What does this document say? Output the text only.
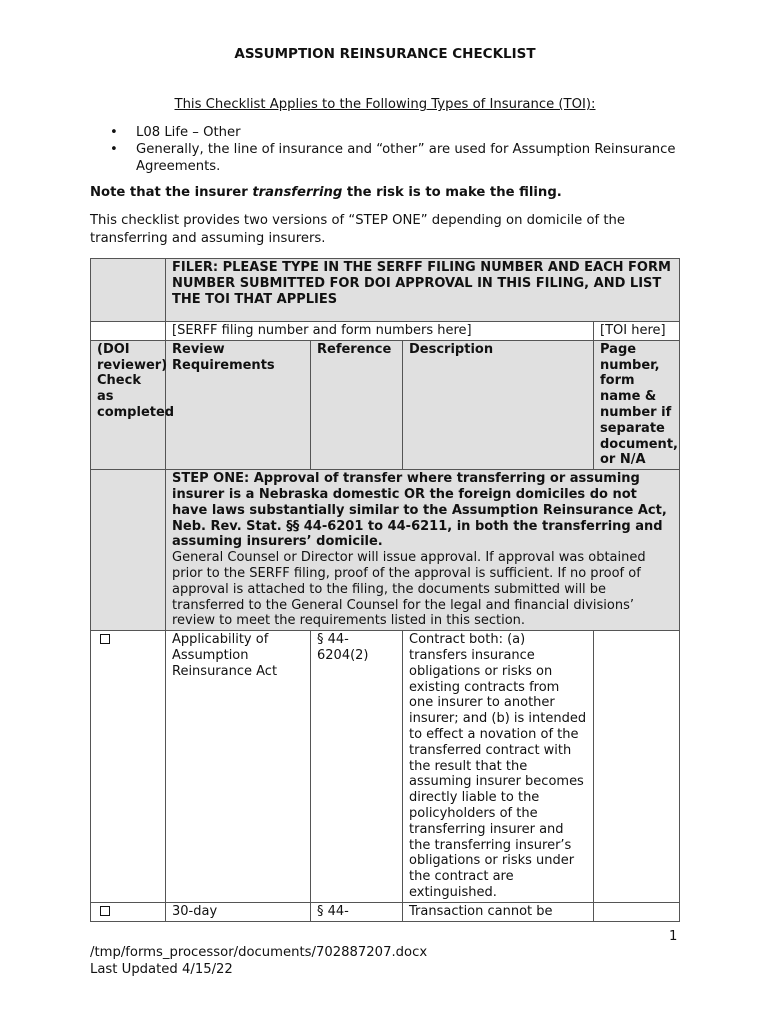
ASSUMPTION REINSURANCE CHECKLIST
This Checklist Applies to the Following Types of Insurance (TOI):
•	L08 Life – Other
•	Generally, the line of insurance and “other” are used for Assumption Reinsurance Agreements.
Note that the insurer transferring the risk is to make the filing.
This checklist provides two versions of “STEP ONE” depending on domicile of the transferring and assuming insurers.
	FILER: PLEASE TYPE IN THE SERFF FILING NUMBER AND EACH FORM NUMBER SUBMITTED FOR DOI APPROVAL IN THIS FILING, AND LIST THE TOI THAT APPLIES			
	[SERFF filing number and form numbers here]			[TOI here]
(DOI reviewer) Check as completed	Review Requirements	Reference	Description	Page number, form name & number if separate document, or N/A

	STEP ONE: Approval of transfer where transferring or assuming insurer is a Nebraska domestic OR the foreign domiciles do not have laws substantially similar to the Assumption Reinsurance Act, Neb. Rev. Stat. §§ 44-6201 to 44-6211, in both the transferring and assuming insurers’ domicile.
General Counsel or Director will issue approval. If approval was obtained prior to the SERFF filing, proof of the approval is sufficient. If no proof of approval is attached to the filing, the documents submitted will be transferred to the General Counsel for the legal and financial divisions’ review to meet the requirements listed in this section.			

	Applicability of Assumption Reinsurance Act	§ 44-6204(2)	Contract both: (a) transfers insurance obligations or risks on existing contracts from one insurer to another insurer; and (b) is intended to effect a novation of the transferred contract with the result that the assuming insurer becomes directly liable to the policyholders of the transferring insurer and the transferring insurer’s obligations or risks under the contract are extinguished.	
	30-day	§ 44-	Transaction cannot be	
1
/tmp/forms_processor/documents/702887207.docx
Last Updated 4/15/22
